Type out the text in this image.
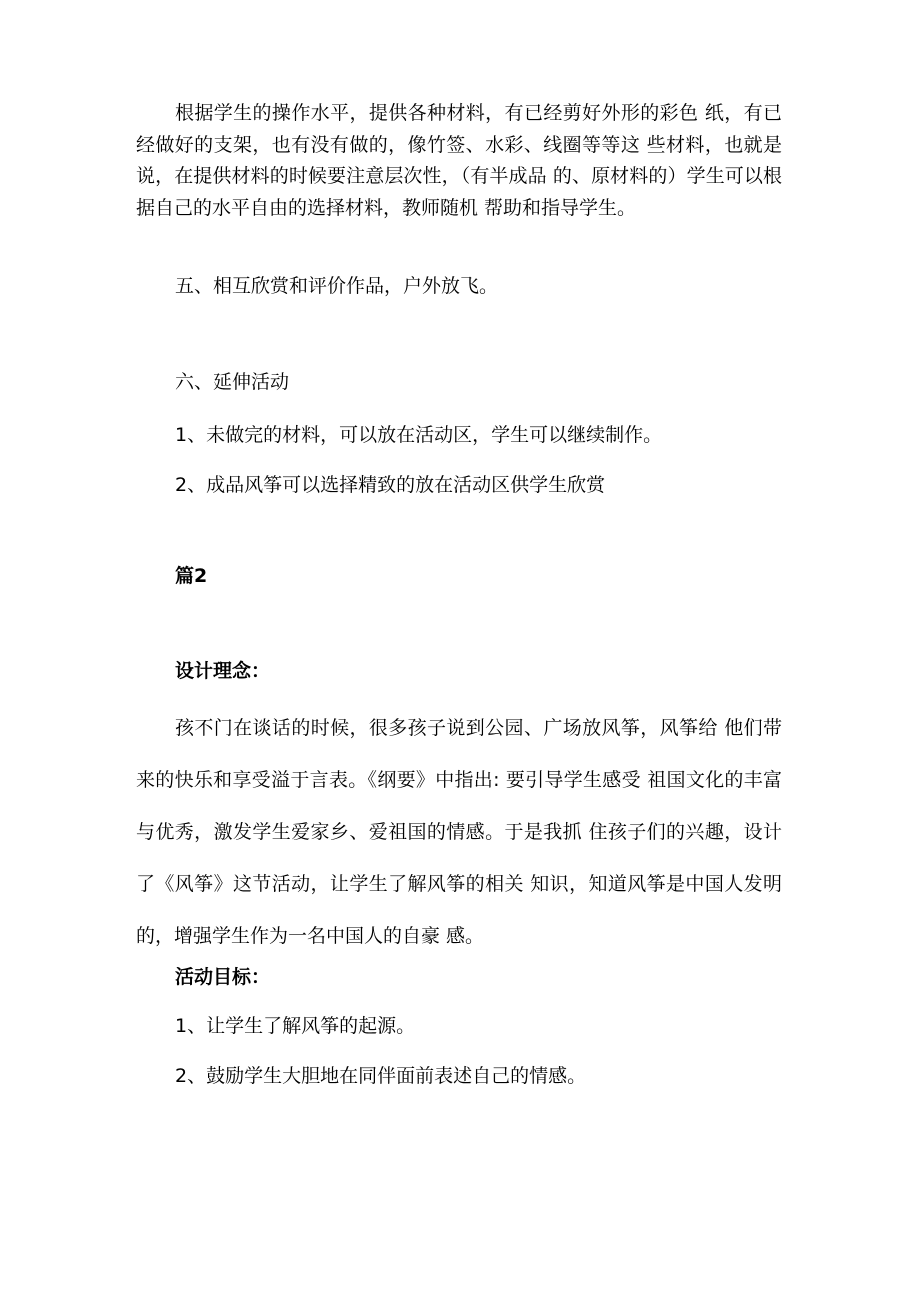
根据学生的操作水平，提供各种材料，有已经剪好外形的彩色 纸，有已经做好的支架，也有没有做的，像竹签、水彩、线圈等等这 些材料，也就是说，在提供材料的时候要注意层次性，（有半成品 的、原材料的）学生可以根据自己的水平自由的选择材料，教师随机 帮助和指导学生。

五、相互欣赏和评价作品，户外放飞。

六、延伸活动

1、未做完的材料，可以放在活动区，学生可以继续制作。

2、成品风筝可以选择精致的放在活动区供学生欣赏

篇2

设计理念：

孩不门在谈话的时候，很多孩子说到公园、广场放风筝，风筝给 他们带来的快乐和享受溢于言表。《纲要》中指出: 要引导学生感受 祖国文化的丰富与优秀，激发学生爱家乡、爱祖国的情感。于是我抓 住孩子们的兴趣，设计了《风筝》这节活动，让学生了解风筝的相关 知识，知道风筝是中国人发明的，增强学生作为一名中国人的自豪 感。

活动目标：

1、让学生了解风筝的起源。

2、鼓励学生大胆地在同伴面前表述自己的情感。
